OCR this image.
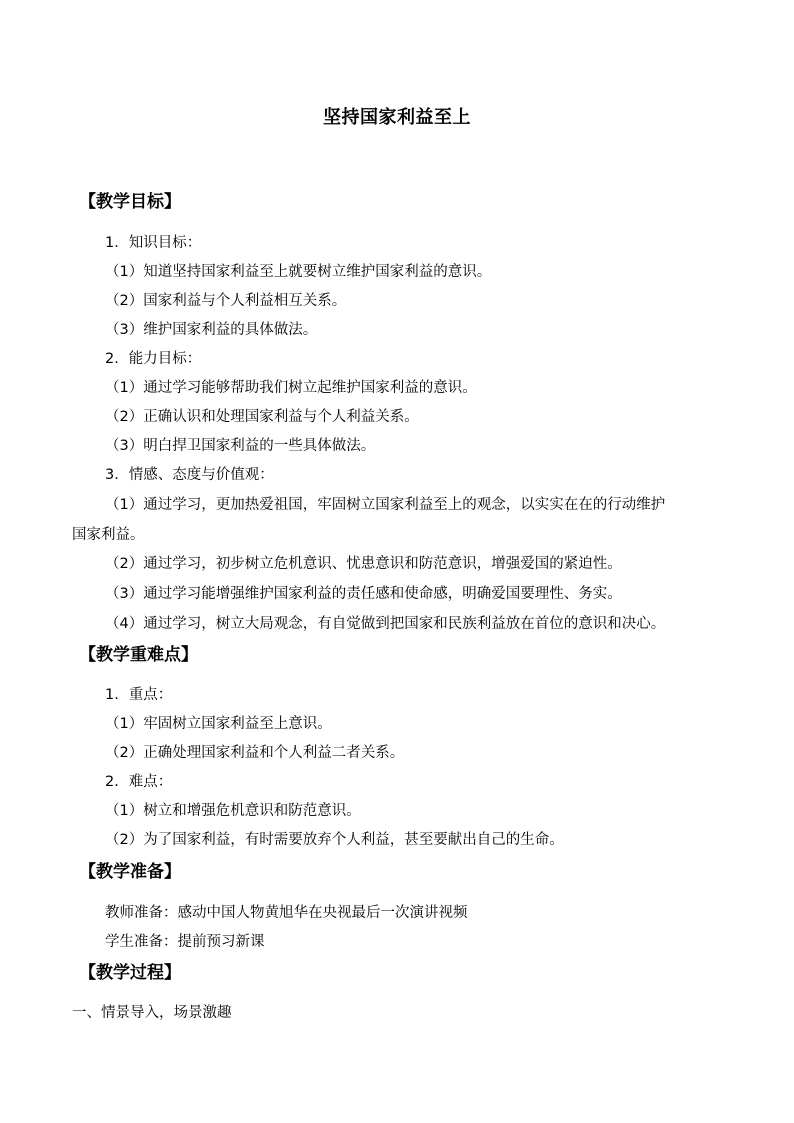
坚持国家利益至上
【教学目标】
1．知识目标：
（1）知道坚持国家利益至上就要树立维护国家利益的意识。
（2）国家利益与个人利益相互关系。
（3）维护国家利益的具体做法。
2．能力目标：
（1）通过学习能够帮助我们树立起维护国家利益的意识。
（2）正确认识和处理国家利益与个人利益关系。
（3）明白捍卫国家利益的一些具体做法。
3．情感、态度与价值观：
（1）通过学习，更加热爱祖国，牢固树立国家利益至上的观念，以实实在在的行动维护
国家利益。
（2）通过学习，初步树立危机意识、忧患意识和防范意识，增强爱国的紧迫性。
（3）通过学习能增强维护国家利益的责任感和使命感，明确爱国要理性、务实。
（4）通过学习，树立大局观念，有自觉做到把国家和民族利益放在首位的意识和决心。
【教学重难点】
1．重点：
（1）牢固树立国家利益至上意识。
（2）正确处理国家利益和个人利益二者关系。
2．难点：
（1）树立和增强危机意识和防范意识。
（2）为了国家利益，有时需要放弃个人利益，甚至要献出自己的生命。
【教学准备】
教师准备：感动中国人物黄旭华在央视最后一次演讲视频
学生准备：提前预习新课
【教学过程】
一、情景导入，场景激趣
